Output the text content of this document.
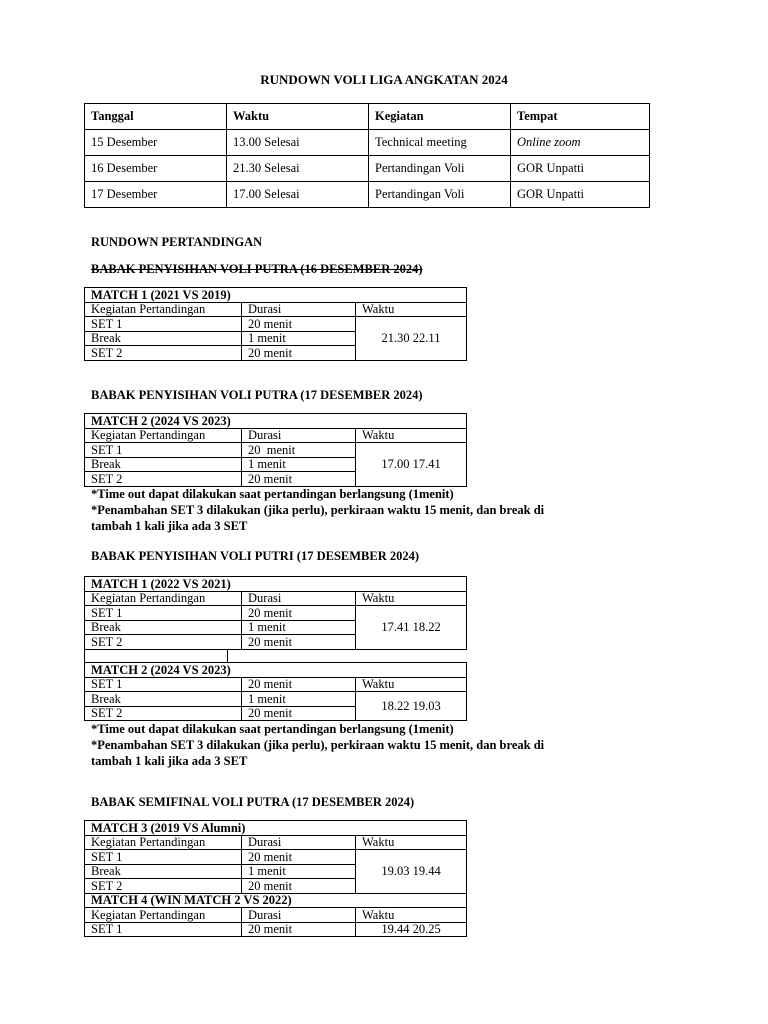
RUNDOWN VOLI LIGA ANGKATAN 2024
Tanggal	Waktu	Kegiatan	Tempat
15 Desember	13.00 Selesai	Technical meeting	Online zoom
16 Desember	21.30 Selesai	Pertandingan Voli	GOR Unpatti
17 Desember	17.00 Selesai	Pertandingan Voli	GOR Unpatti
RUNDOWN PERTANDINGAN
BABAK PENYISIHAN VOLI PUTRA (16 DESEMBER 2024)
MATCH 1 (2021 VS 2019)		
Kegiatan Pertandingan	Durasi	Waktu
SET 1	20 menit	21.30 22.11
Break	1 menit	
SET 2	20 menit	
BABAK PENYISIHAN VOLI PUTRA (17 DESEMBER 2024)
MATCH 2 (2024 VS 2023)		
Kegiatan Pertandingan	Durasi	Waktu
SET 1	20  menit	17.00 17.41
Break	1 menit	
SET 2	20 menit	
*Time out dapat dilakukan saat pertandingan berlangsung (1menit)
*Penambahan SET 3 dilakukan (jika perlu), perkiraan waktu 15 menit, dan break di
tambah 1 kali jika ada 3 SET
BABAK PENYISIHAN VOLI PUTRI (17 DESEMBER 2024)
MATCH 1 (2022 VS 2021)		
Kegiatan Pertandingan	Durasi	Waktu
SET 1	20 menit	17.41 18.22
Break	1 menit	
SET 2	20 menit	
MATCH 2 (2024 VS 2023)		
SET 1	20 menit	Waktu
Break	1 menit	18.22 19.03
SET 2	20 menit	
*Time out dapat dilakukan saat pertandingan berlangsung (1menit)
*Penambahan SET 3 dilakukan (jika perlu), perkiraan waktu 15 menit, dan break di
tambah 1 kali jika ada 3 SET
BABAK SEMIFINAL VOLI PUTRA (17 DESEMBER 2024)
MATCH 3 (2019 VS Alumni)		
Kegiatan Pertandingan	Durasi	Waktu
SET 1	20 menit	19.03 19.44
Break	1 menit	
SET 2	20 menit	
MATCH 4 (WIN MATCH 2 VS 2022)		
Kegiatan Pertandingan	Durasi	Waktu
SET 1	20 menit	19.44 20.25
